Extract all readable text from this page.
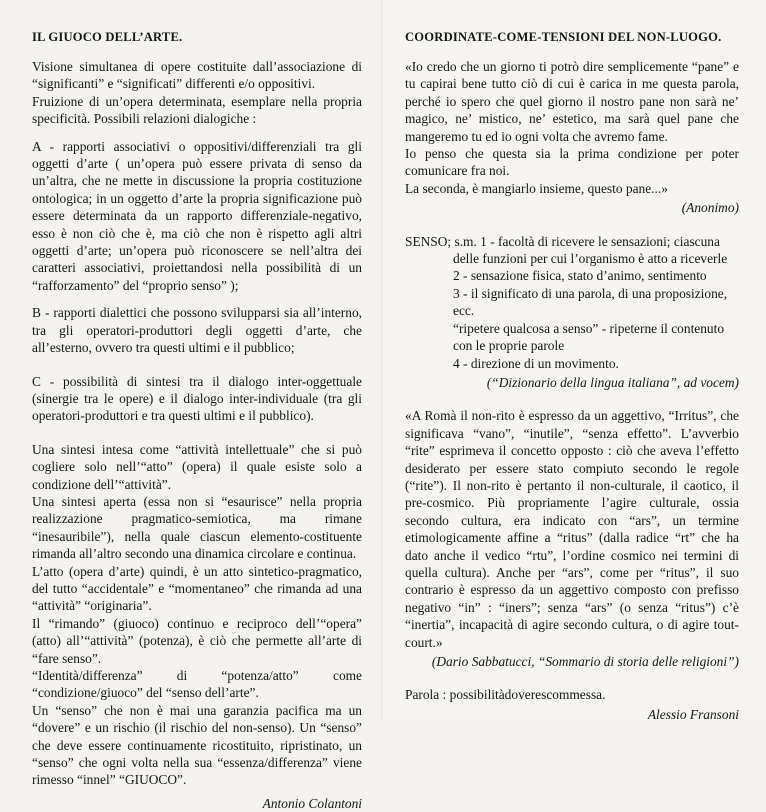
IL GIUOCO DELL’ARTE.

Visione simultanea di opere costituite dall’associazione di “significanti” e “significati” differenti e/o oppositivi.

Fruizione di un’opera determinata, esemplare nella propria specificità. Possibili relazioni dialogiche :

A - rapporti associativi o oppositivi/differenziali tra gli oggetti d’arte ( un’opera può essere privata di senso da un’altra, che ne mette in discussione la propria costituzione ontologica; in un oggetto d’arte la propria significazione può essere determinata da un rapporto differenziale-negativo, esso è non ciò che è, ma ciò che non è rispetto agli altri oggetti d’arte; un’opera può riconoscere se nell’altra dei caratteri associativi, proiettandosi nella possibilità di un “rafforzamento” del “proprio senso” );

B - rapporti dialettici che possono svilupparsi sia all’interno, tra gli operatori-produttori degli oggetti d’arte, che all’esterno, ovvero tra questi ultimi e il pubblico;

C - possibilità di sintesi tra il dialogo inter-oggettuale (sinergie tra le opere) e il dialogo inter-individuale (tra gli operatori-produttori e tra questi ultimi e il pubblico).

Una sintesi intesa come “attività intellettuale” che si può cogliere solo nell’“atto” (opera) il quale esiste solo a condizione dell’“attività”.

Una sintesi aperta (essa non si “esaurisce” nella propria realizzazione pragmatico-semiotica, ma rimane “inesauribile”), nella quale ciascun elemento-costituente rimanda all’altro secondo una dinamica circolare e continua.

L’atto (opera d’arte) quindi, è un atto sintetico-pragmatico, del tutto “accidentale” e “momentaneo” che rimanda ad una “attività” “originaria”.

Il “rimando” (giuoco) continuo e reciproco dell’“opera” (atto) all’“attività” (potenza), è ciò che permette all’arte di “fare senso”.

“Identità/differenza” di “potenza/atto” come “condizione/giuoco” del “senso dell’arte”.

Un “senso” che non è mai una garanzia pacifica ma un “dovere” e un rischio (il rischio del non-senso). Un “senso” che deve essere continuamente ricostituito, ripristinato, un “senso” che ogni volta nella sua “essenza/differenza” viene rimesso “innel” “GIUOCO”.

Antonio Colantoni
COORDINATE-COME-TENSIONI DEL NON-LUOGO.

«Io credo che un giorno ti potrò dire semplicemente “pane” e tu capirai bene tutto ciò di cui è carica in me questa parola, perché io spero che quel giorno il nostro pane non sarà ne’ magico, ne’ mistico, ne’ estetico, ma sarà quel pane che mangeremo tu ed io ogni volta che avremo fame.

Io penso che questa sia la prima condizione per poter comunicare fra noi.

La seconda, è mangiarlo insieme, questo pane...»

(Anonimo)

SENSO; s.m. 1 - facoltà di ricevere le sensazioni; ciascuna

delle funzioni per cui l’organismo è atto a riceverle
2 - sensazione fisica, stato d’animo, sentimento
3 - il significato di una parola, di una proposizione, ecc.
“ripetere qualcosa a senso” - ripeterne il contenuto
con le proprie parole
4 - direzione di un movimento.
(“Dizionario della lingua italiana”, ad vocem)

«A Romà il non-rito è espresso da un aggettivo, “Irritus”, che significava “vano”, “inutile”, “senza effetto”. L’avverbio “rite” esprimeva il concetto opposto : ciò che aveva l’effetto desiderato per essere stato compiuto secondo le regole (“rite”). Il non-rito è pertanto il non-culturale, il caotico, il pre-cosmico. Più propriamente l’agire culturale, ossia secondo cultura, era indicato con “ars”, un termine etimologicamente affine a “ritus” (dalla radice “rt” che ha dato anche il vedico “rtu”, l’ordine cosmico nei termini di quella cultura). Anche per “ars”, come per “ritus”, il suo contrario è espresso da un aggettivo composto con prefisso negativo “in” : “iners”; senza “ars” (o senza “ritus”) c’è “inertia”, incapacità di agire secondo cultura, o di agire tout-court.»

(Dario Sabbatucci, “Sommario di storia delle religioni”)

Parola : possibilitàdoverescommessa.

Alessio Fransoni
